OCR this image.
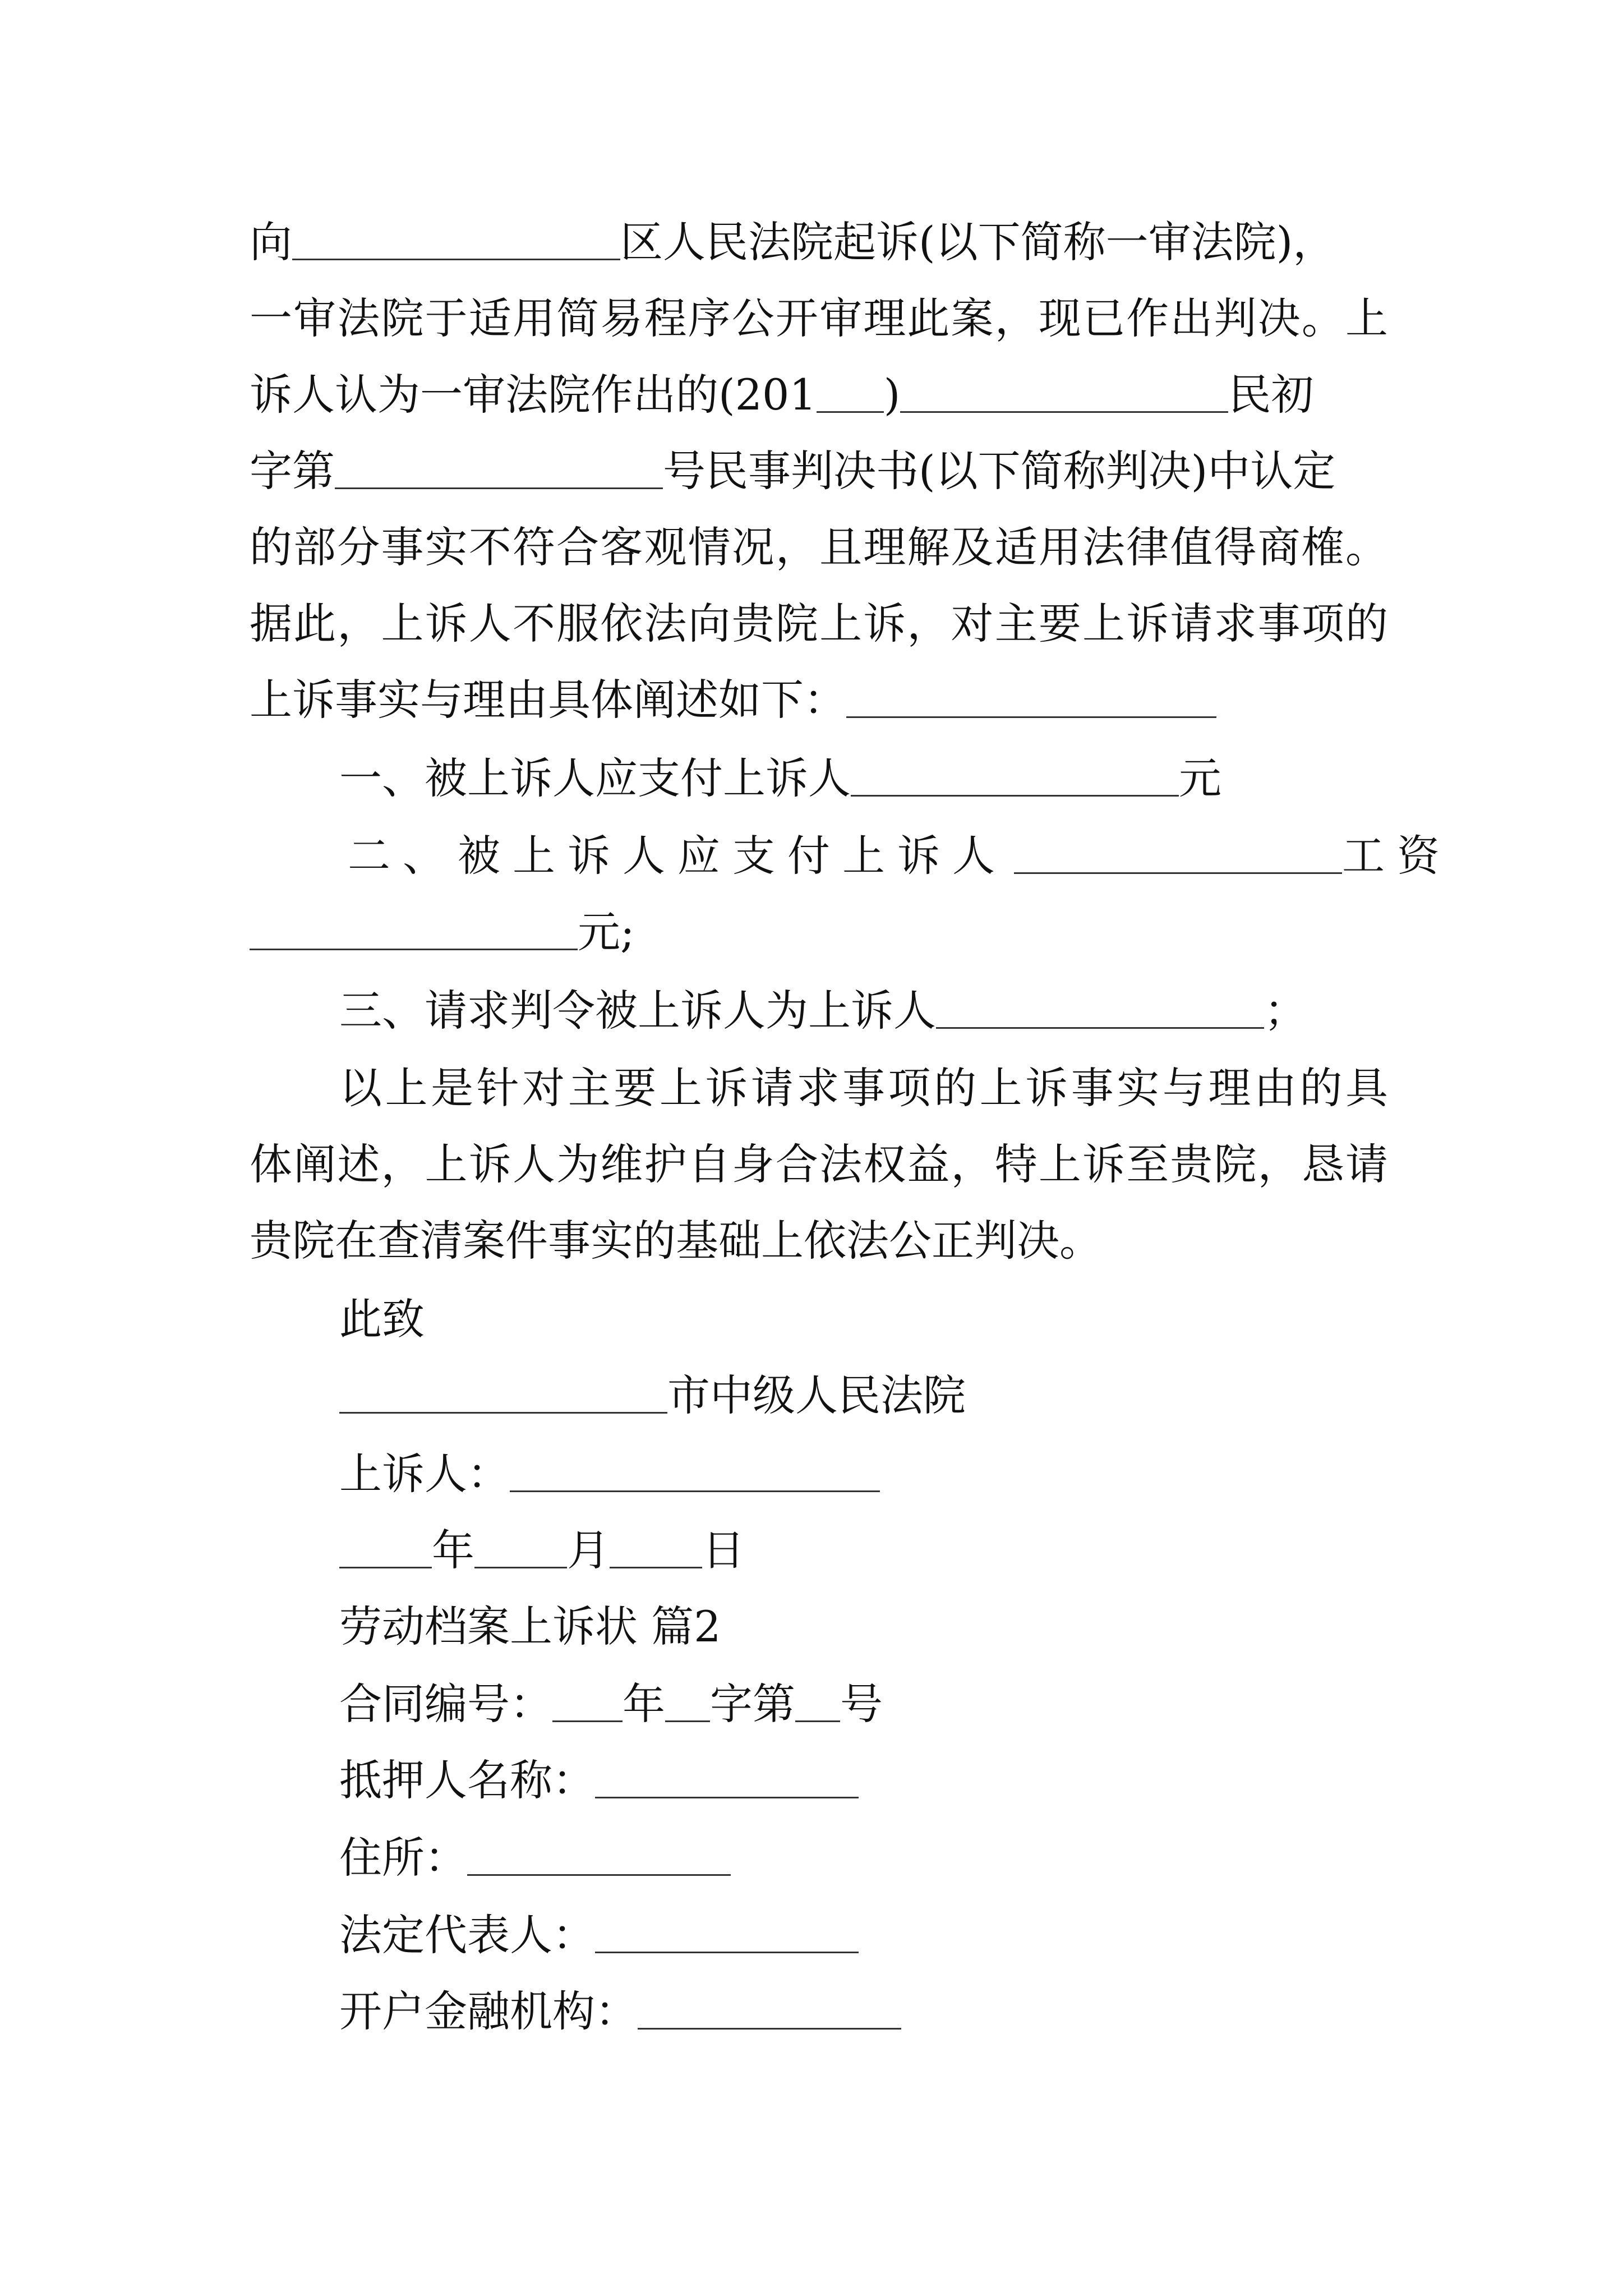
向	区人民法院起诉(以下简称一审法院)，
一审法院于适用简易程序公开审理此案，现已作出判决。上
诉人认为一审法院作出的(201 )	民初
字第	号民事判决书(以下简称判决)中认定
的部分事实不符合客观情况，且理解及适用法律值得商榷。
据此，上诉人不服依法向贵院上诉，对主要上诉请求事项的
上诉事实与理由具体阐述如下：
一、被上诉人应支付上诉人	元
二、被上诉人应支付上诉人	工资
元;
三、请求判令被上诉人为上诉人	；
以上是针对主要上诉请求事项的上诉事实与理由的具
体阐述，上诉人为维护自身合法权益，特上诉至贵院，恳请
贵院在查清案件事实的基础上依法公正判决。
此致
市中级人民法院
上诉人：
年 月 日
劳动档案上诉状 篇2
合同编号： 年 字第 号
抵押人名称：
住所：
法定代表人：
开户金融机构：
